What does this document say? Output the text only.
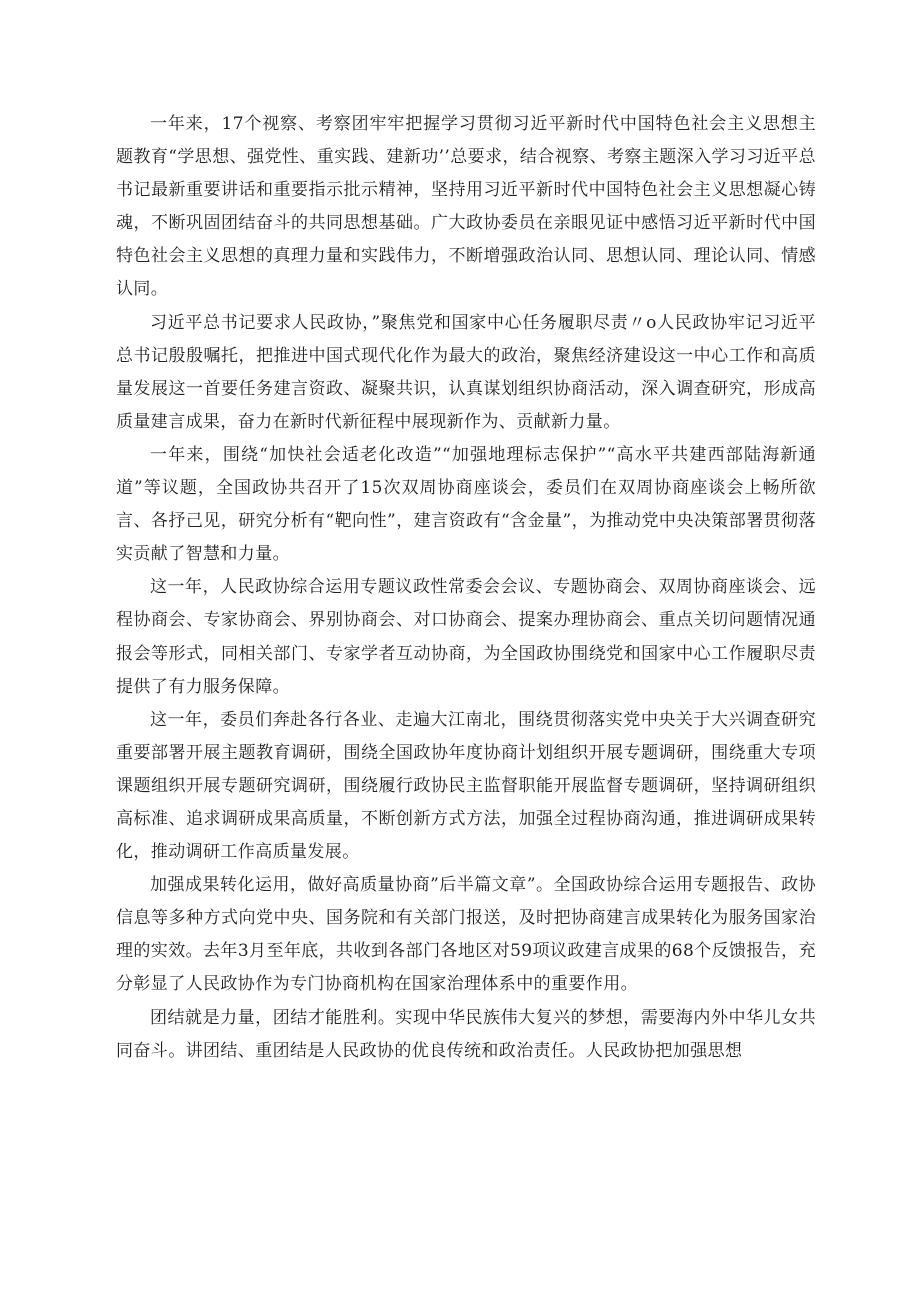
一年来，17个视察、考察团牢牢把握学习贯彻习近平新时代中国特色社会主义思想主题教育“学思想、强党性、重实践、建新功’’总要求，结合视察、考察主题深入学习习近平总书记最新重要讲话和重要指示批示精神，坚持用习近平新时代中国特色社会主义思想凝心铸魂，不断巩固团结奋斗的共同思想基础。广大政协委员在亲眼见证中感悟习近平新时代中国特色社会主义思想的真理力量和实践伟力，不断增强政治认同、思想认同、理论认同、情感认同。

习近平总书记要求人民政协，”聚焦党和国家中心任务履职尽责〃o人民政协牢记习近平总书记殷殷嘱托，把推进中国式现代化作为最大的政治，聚焦经济建设这一中心工作和高质量发展这一首要任务建言资政、凝聚共识，认真谋划组织协商活动，深入调查研究，形成高质量建言成果，奋力在新时代新征程中展现新作为、贡献新力量。

一年来，围绕“加快社会适老化改造”“加强地理标志保护”“高水平共建西部陆海新通道”等议题，全国政协共召开了15次双周协商座谈会，委员们在双周协商座谈会上畅所欲言、各抒己见，研究分析有“靶向性”，建言资政有“含金量”，为推动党中央决策部署贯彻落实贡献了智慧和力量。

这一年，人民政协综合运用专题议政性常委会会议、专题协商会、双周协商座谈会、远程协商会、专家协商会、界别协商会、对口协商会、提案办理协商会、重点关切问题情况通报会等形式，同相关部门、专家学者互动协商，为全国政协围绕党和国家中心工作履职尽责提供了有力服务保障。

这一年，委员们奔赴各行各业、走遍大江南北，围绕贯彻落实党中央关于大兴调查研究重要部署开展主题教育调研，围绕全国政协年度协商计划组织开展专题调研，围绕重大专项课题组织开展专题研究调研，围绕履行政协民主监督职能开展监督专题调研，坚持调研组织高标准、追求调研成果高质量，不断创新方式方法，加强全过程协商沟通，推进调研成果转化，推动调研工作高质量发展。

加强成果转化运用，做好高质量协商”后半篇文章”。全国政协综合运用专题报告、政协信息等多种方式向党中央、国务院和有关部门报送，及时把协商建言成果转化为服务国家治理的实效。去年3月至年底，共收到各部门各地区对59项议政建言成果的68个反馈报告，充分彰显了人民政协作为专门协商机构在国家治理体系中的重要作用。

团结就是力量，团结才能胜利。实现中华民族伟大复兴的梦想，需要海内外中华儿女共同奋斗。讲团结、重团结是人民政协的优良传统和政治责任。人民政协把加强思想
